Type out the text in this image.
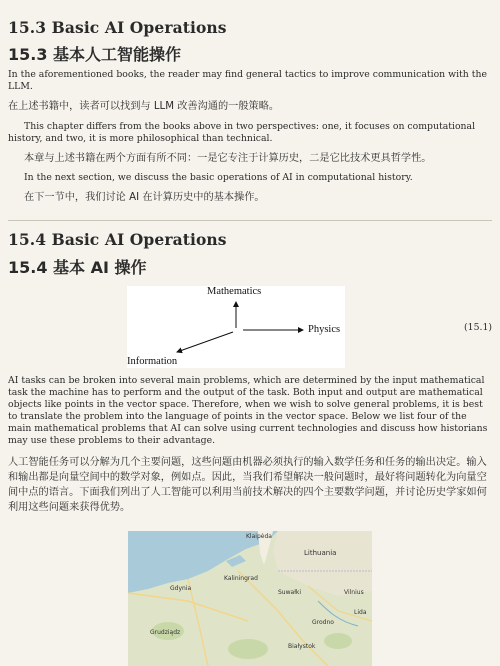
15.3 Basic AI Operations
15.3 基本人工智能操作
In the aforementioned books, the reader may find general tactics to improve communication with the LLM.
在上述书籍中，读者可以找到与 LLM 改善沟通的一般策略。
This chapter differs from the books above in two perspectives: one, it focuses on computational history, and two, it is more philosophical than technical.
本章与上述书籍在两个方面有所不同：一是它专注于计算历史，二是它比技术更具哲学性。
In the next section, we discuss the basic operations of AI in computational history.
在下一节中，我们讨论 AI 在计算历史中的基本操作。
15.4 Basic AI Operations
15.4 基本 AI 操作
Mathematics
Physics
Information
(15.1)
AI tasks can be broken into several main problems, which are determined by the input mathematical task the machine has to perform and the output of the task. Both input and output are mathematical objects like points in the vector space. Therefore, when we wish to solve general problems, it is best to translate the problem into the language of points in the vector space. Below we list four of the main mathematical problems that AI can solve using current technologies and discuss how historians may use these problems to their advantage.
人工智能任务可以分解为几个主要问题，这些问题由机器必须执行的输入数学任务和任务的输出决定。输入和输出都是向量空间中的数学对象，例如点。因此，当我们希望解决一般问题时，最好将问题转化为向量空间中点的语言。下面我们列出了人工智能可以利用当前技术解决的四个主要数学问题，并讨论历史学家如何利用这些问题来获得优势。
Klaipėda
Lithuania
Kaliningrad
Vilnius
Gdynia
Lida
Grodno
Grudziądz
Białystok
Suwałki
